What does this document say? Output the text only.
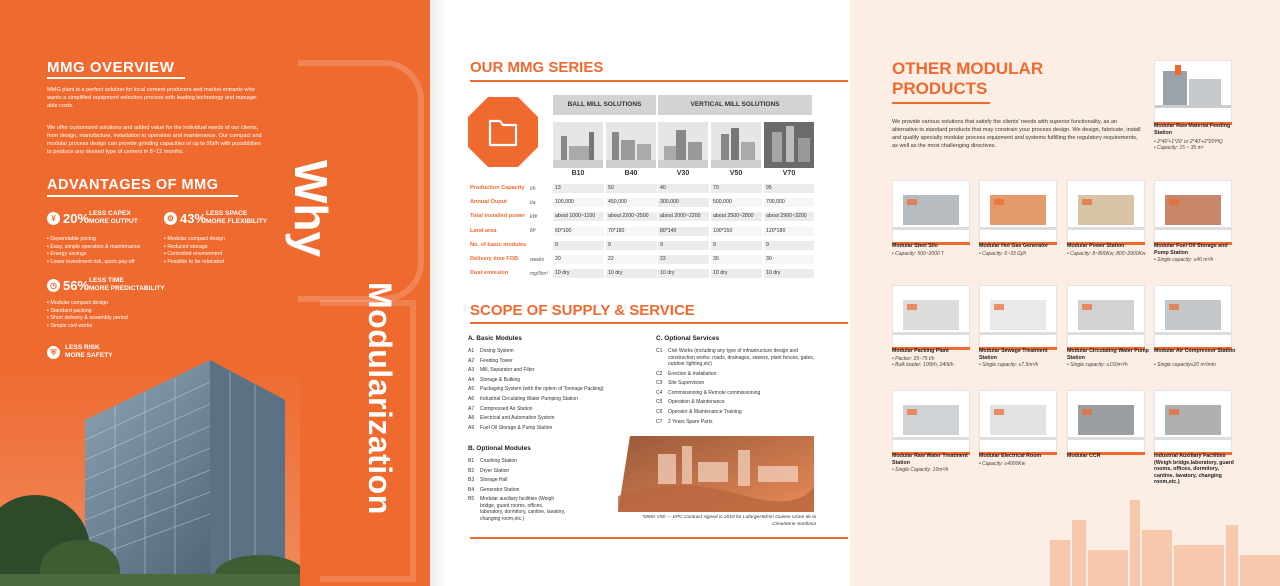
MMG OVERVIEW
MMG plant is a perfect solution for local cement producers and market entrants who wants a simplified equipment selection process with leading technology and manage-able costs.
We offer customized solutions and added value for the individual needs of our clients, from design, manufacture, installation to operation and maintenance. Our compact and modular process design can provide grinding capacities of up to 95t/h with possibilities to produce any desired type of cement in 8~12 months.
ADVANTAGES OF MMG
¥ 20% LESS CAPEX
MORE OUTPUT
▪ Dependable pricing
▪ Easy, simple operation & maintenance
▪ Energy savings
▪ Lower investment risk, quick pay-off
⚙ 43% LESS SPACE
MORE FLEXIBILITY
▪ Modular compact design
▪ Reduced storage
▪ Controlled environment
▪ Possible to be relocated
◷ 56% LESS TIME
MORE PREDICTABILITY
▪ Modular compact design
▪ Standard packing
▪ Short delivery & assembly period
▪ Simple civil works
⛨
LESS RISK
MORE SAFETY
Why
Modularization
OUR MMG SERIES
BALL MILL SOLUTIONS	VERTICAL MILL SOLUTIONS
B10	B40	V30	V50	V70
Production Capacity t/h	13	50	40	70	95
Annual Ouput	t/a	100,000	450,000	300,000	500,000	700,000
Total installed power kW	about 1000~1100	about 2200~2500	about 2000~2200	about 2500~2800	about 2900~3200
Land area	M²	60*100	70*180	80*140	100*150	120*180
No. of basic modules	9	9	9	9	9
Delivery time FOB weeks	20	22	22	30	30
Dust emission	mg/Nm³	10 dry	10 dry	10 dry	10 dry	10 dry
SCOPE OF SUPPLY & SERVICE
A. Basic Modules
A1 Dosing System
A2 Feeding Tower
A3 Mill, Separator and Filter
A4 Storage & Bulking
A5 Packaging System (with the option of Tonnage Packing)
A6 Industrial Circulating Water Pumping Station
A7 Compressed Air Station
A8 Electrical and Automation System
A9 Fuel Oil Storage & Pump Station
B. Optional Modules
B1 Crushing Station
B2 Dryer Station
B3 Storage Hall
B4 Generator Station
B5 Modular auxiliary facilities (Weigh bridge, guard rooms, offices, laboratory, dormitory, cantine, lavatory, changing room,etc.)
C. Optional Services
C1 Civil Works (including any type of infrastructure design and construction works: roads, drainages, sewers, plant fences, gates, outdoor lighting,etc)
C2 Erection & Installation
C3 Site Supervision
C4 Commissioning & Remote commissioning
C5 Operation & Maintenance
C6 Operator & Maintenance Training
C7 2 Years Spare Parts
*MMG V50 — EPC Contract signed in 2019 for LafargeHolcim Guinee Usine de la Cimenterie-Sonfonia
OTHER MODULAR
PRODUCTS
We provide various solutions that satisfy the clients' needs with superior functionality, as an alternative to standard products that may constrain your process design. We design, fabricate, install and qualify specialty modular process equipment and systems fulfilling the regulatory requirements, as well as the most challenging directives.
Modular Raw Material Feeding Station
• 2*40'+1*20' or 2*40'+2*20'HQ
• Capacity: 15 ~ 35 m³
Modular Steel Silo
• Capacity: 500~2000 T
Modular Hot Gas Generator
• Capacity: 6~33 Gj/h
Modular Power Station
• Capacity: 8~800Kw; 800~2900Kw
Modular Fuel Oil Storage and Pump Station
• Single capacity: ≤40 m³/h
Modular Packing Plant
• Packer: 25~75 t/h
• Bulk loader: 100t/h, 240t/h
Modular Sewage Treatment Station
• Single capacity: ≤7.5m³/h
Modular Circulating Water Pump Station
• Single capacity: ≤150m³/h
Modular Air Compressor Station
• Single capacity≤20 m³/min
Modular Raw Water Treatment Station
• Single Capacity: 10m³/h
Modular Electrical Room
• Capacity: ≤4000Kw
Modular CCR	Industrial Auxiliary Facilities (Weigh bridge,laboratory, guard rooms, offices, dormitory, cantine, lavatory, changing room,etc.)
